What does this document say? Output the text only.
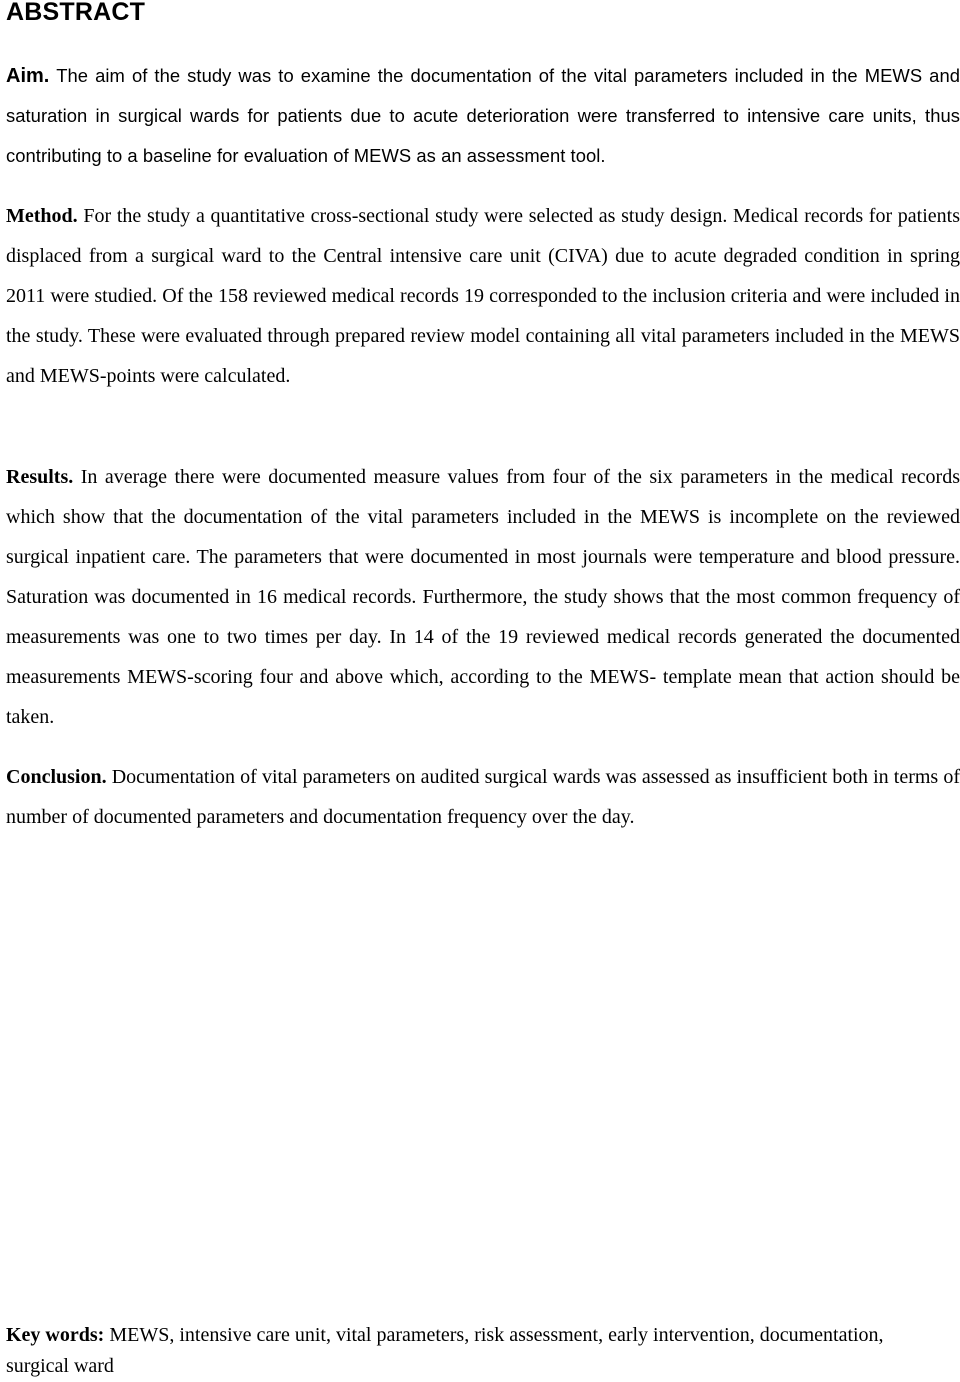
ABSTRACT

Aim. The aim of the study was to examine the documentation of the vital parameters included in the MEWS and saturation in surgical wards for patients due to acute deterioration were transferred to intensive care units, thus contributing to a baseline for evaluation of MEWS as an assessment tool.

Method. For the study a quantitative cross-sectional study were selected as study design. Medical records for patients displaced from a surgical ward to the Central intensive care unit (CIVA) due to acute degraded condition in spring 2011 were studied. Of the 158 reviewed medical records 19 corresponded to the inclusion criteria and were included in the study. These were evaluated through prepared review model containing all vital parameters included in the MEWS and MEWS-points were calculated.

Results. In average there were documented measure values from four of the six parameters in the medical records which show that the documentation of the vital parameters included in the MEWS is incomplete on the reviewed surgical inpatient care. The parameters that were documented in most journals were temperature and blood pressure. Saturation was documented in 16 medical records. Furthermore, the study shows that the most common frequency of measurements was one to two times per day. In 14 of the 19 reviewed medical records generated the documented measurements MEWS-scoring four and above which, according to the MEWS- template mean that action should be taken.

Conclusion. Documentation of vital parameters on audited surgical wards was assessed as insufficient both in terms of number of documented parameters and documentation frequency over the day.

Key words: MEWS, intensive care unit, vital parameters, risk assessment, early intervention, documentation, surgical ward
